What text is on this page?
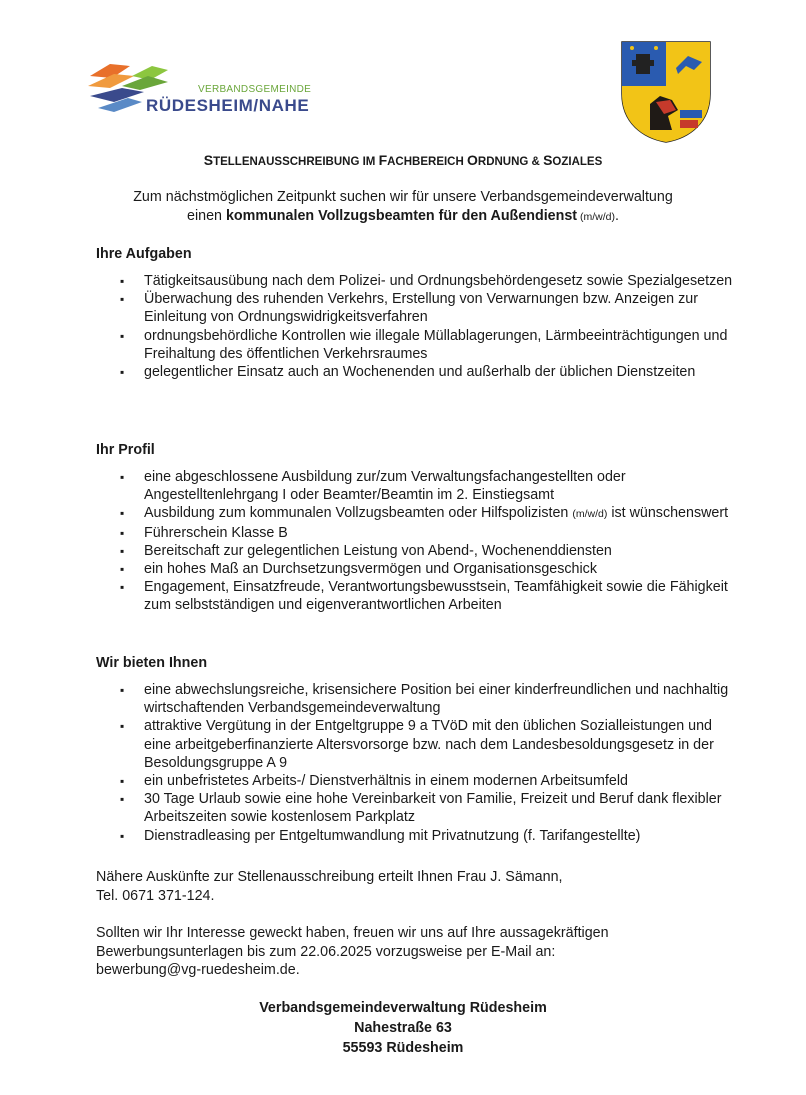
VERBANDSGEMEINDE
RÜDESHEIM/NAHE
STELLENAUSSCHREIBUNG IM FACHBEREICH ORDNUNG & SOZIALES
Zum nächstmöglichen Zeitpunkt suchen wir für unsere Verbandsgemeindeverwaltung
einen kommunalen Vollzugsbeamten für den Außendienst (m/w/d).
Ihre Aufgaben
▪ Tätigkeitsausübung nach dem Polizei- und Ordnungsbehördengesetz sowie Spezialgesetzen
▪ Überwachung des ruhenden Verkehrs, Erstellung von Verwarnungen bzw. Anzeigen zur Einleitung von Ordnungswidrigkeitsverfahren
▪ ordnungsbehördliche Kontrollen wie illegale Müllablagerungen, Lärmbeeinträchtigungen und Freihaltung des öffentlichen Verkehrsraumes
▪ gelegentlicher Einsatz auch an Wochenenden und außerhalb der üblichen Dienstzeiten
Ihr Profil
▪ eine abgeschlossene Ausbildung zur/zum Verwaltungsfachangestellten oder Angestelltenlehrgang I oder Beamter/Beamtin im 2. Einstiegsamt
▪ Ausbildung zum kommunalen Vollzugsbeamten oder Hilfspolizisten (m/w/d) ist wünschenswert
▪ Führerschein Klasse B
▪ Bereitschaft zur gelegentlichen Leistung von Abend-, Wochenenddiensten
▪ ein hohes Maß an Durchsetzungsvermögen und Organisationsgeschick
▪ Engagement, Einsatzfreude, Verantwortungsbewusstsein, Teamfähigkeit sowie die Fähigkeit zum selbstständigen und eigenverantwortlichen Arbeiten
Wir bieten Ihnen
▪ eine abwechslungsreiche, krisensichere Position bei einer kinderfreundlichen und nachhaltig wirtschaftenden Verbandsgemeindeverwaltung
▪ attraktive Vergütung in der Entgeltgruppe 9 a TVöD mit den üblichen Sozialleistungen und eine arbeitgeberfinanzierte Altersvorsorge bzw. nach dem Landesbesoldungsgesetz in der Besoldungsgruppe A 9
▪ ein unbefristetes Arbeits-/ Dienstverhältnis in einem modernen Arbeitsumfeld
▪ 30 Tage Urlaub sowie eine hohe Vereinbarkeit von Familie, Freizeit und Beruf dank flexibler Arbeitszeiten sowie kostenlosem Parkplatz
▪ Dienstradleasing per Entgeltumwandlung mit Privatnutzung (f. Tarifangestellte)
Nähere Auskünfte zur Stellenausschreibung erteilt Ihnen Frau J. Sämann,
Tel. 0671 371-124.
Sollten wir Ihr Interesse geweckt haben, freuen wir uns auf Ihre aussagekräftigen
Bewerbungsunterlagen bis zum 22.06.2025 vorzugsweise per E-Mail an:
bewerbung@vg-ruedesheim.de.
Verbandsgemeindeverwaltung Rüdesheim
Nahestraße 63
55593 Rüdesheim
